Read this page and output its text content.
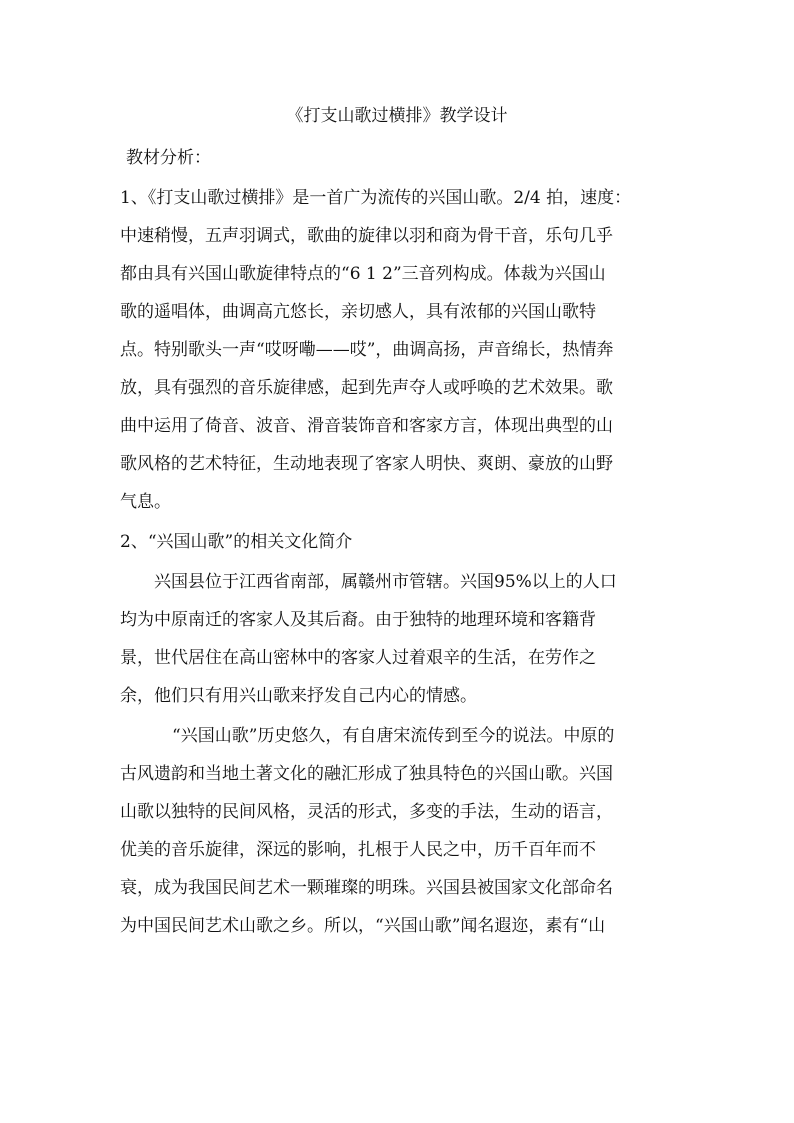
《打支山歌过横排》教学设计
教材分析：
1、《打支山歌过横排》是一首广为流传的兴国山歌。2/4 拍，速度：
中速稍慢，五声羽调式，歌曲的旋律以羽和商为骨干音，乐句几乎
都由具有兴国山歌旋律特点的“6 1 2”三音列构成。体裁为兴国山
歌的遥唱体，曲调高亢悠长，亲切感人，具有浓郁的兴国山歌特
点。特别歌头一声“哎呀嘞——哎”，曲调高扬，声音绵长，热情奔
放，具有强烈的音乐旋律感，起到先声夺人或呼唤的艺术效果。歌
曲中运用了倚音、波音、滑音装饰音和客家方言，体现出典型的山
歌风格的艺术特征，生动地表现了客家人明快、爽朗、豪放的山野
气息。
2、“兴国山歌”的相关文化简介
兴国县位于江西省南部，属赣州市管辖。兴国95%以上的人口
均为中原南迁的客家人及其后裔。由于独特的地理环境和客籍背
景，世代居住在高山密林中的客家人过着艰辛的生活，在劳作之
余，他们只有用兴山歌来抒发自己内心的情感。
“兴国山歌”历史悠久，有自唐宋流传到至今的说法。中原的
古风遗韵和当地土著文化的融汇形成了独具特色的兴国山歌。兴国
山歌以独特的民间风格，灵活的形式，多变的手法，生动的语言，
优美的音乐旋律，深远的影响，扎根于人民之中，历千百年而不
衰，成为我国民间艺术一颗璀璨的明珠。兴国县被国家文化部命名
为中国民间艺术山歌之乡。所以，“兴国山歌”闻名遐迩，素有“山
